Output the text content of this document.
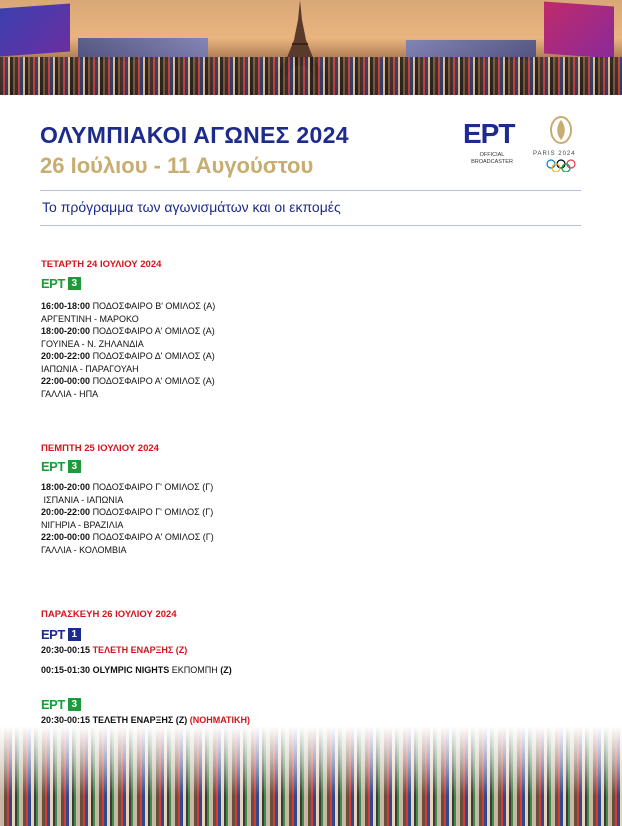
ΟΛΥΜΠΙΑΚΟΙ ΑΓΩΝΕΣ 2024
26 Ιούλιου - 11 Αυγούστου
ΕΡΤ
OFFICIAL BROADCASTER
PARIS 2024
Το πρόγραμμα των αγωνισμάτων και οι εκπομές
ΤΕΤΑΡΤΗ 24 ΙΟΥΛΙΟΥ 2024
ΕΡΤ 3
16:00-18:00 ΠΟΔΟΣΦΑΙΡΟ Β' ΟΜΙΛΟΣ (Α)
ΑΡΓΕΝΤΙΝΗ - ΜΑΡΟΚΟ
18:00-20:00 ΠΟΔΟΣΦΑΙΡΟ Α' ΟΜΙΛΟΣ (Α)
ΓΟΥΙΝΕΑ - Ν. ΖΗΛΑΝΔΙΑ
20:00-22:00 ΠΟΔΟΣΦΑΙΡΟ Δ' ΟΜΙΛΟΣ (Α)
ΙΑΠΩΝΙΑ - ΠΑΡΑΓΟΥΑΗ
22:00-00:00 ΠΟΔΟΣΦΑΙΡΟ Α' ΟΜΙΛΟΣ (Α)
ΓΑΛΛΙΑ - ΗΠΑ
ΠΕΜΠΤΗ 25 ΙΟΥΛΙΟΥ 2024
ΕΡΤ 3
18:00-20:00 ΠΟΔΟΣΦΑΙΡΟ Γ' ΟΜΙΛΟΣ (Γ)
ΙΣΠΑΝΙΑ - ΙΑΠΩΝΙΑ
20:00-22:00 ΠΟΔΟΣΦΑΙΡΟ Γ' ΟΜΙΛΟΣ (Γ)
ΝΙΓΗΡΙΑ - ΒΡΑΖΙΛΙΑ
22:00-00:00 ΠΟΔΟΣΦΑΙΡΟ Α' ΟΜΙΛΟΣ (Γ)
ΓΑΛΛΙΑ - ΚΟΛΟΜΒΙΑ
ΠΑΡΑΣΚΕΥΗ 26 ΙΟΥΛΙΟΥ 2024
ΕΡΤ 1
20:30-00:15 ΤΕΛΕΤΗ ΕΝΑΡΞΗΣ (Ζ)
00:15-01:30 OLYMPIC NIGHTS ΕΚΠΟΜΠΗ (Ζ)
ΕΡΤ 3
20:30-00:15 ΤΕΛΕΤΗ ΕΝΑΡΞΗΣ (Ζ) (ΝΟΗΜΑΤΙΚΗ)
